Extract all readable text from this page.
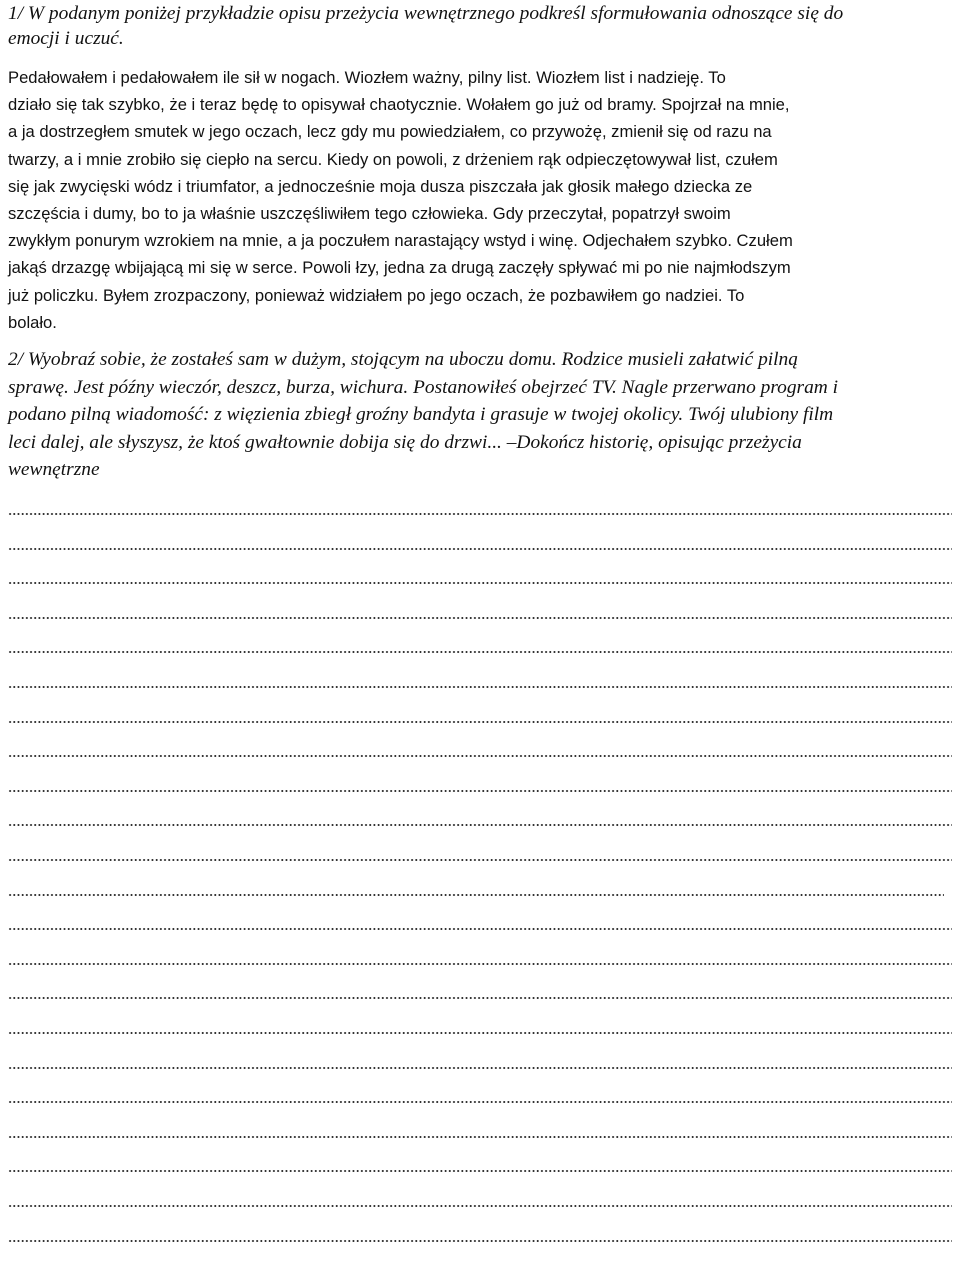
1/ W podanym poniżej przykładzie opisu przeżycia wewnętrznego podkreśl sformułowania odnoszące się do
emocji i uczuć.
Pedałowałem i pedałowałem ile sił w nogach. Wiozłem ważny, pilny list. Wiozłem list i nadzieję. To
działo się tak szybko, że i teraz będę to opisywał chaotycznie. Wołałem go już od bramy. Spojrzał na mnie,
a ja dostrzegłem smutek w jego oczach, lecz gdy mu powiedziałem, co przywożę, zmienił się od razu na
twarzy, a i mnie zrobiło się ciepło na sercu. Kiedy on powoli, z drżeniem rąk odpieczętowywał list, czułem
się jak zwycięski wódz i triumfator, a jednocześnie moja dusza piszczała jak głosik małego dziecka ze
szczęścia i dumy, bo to ja właśnie uszczęśliwiłem tego człowieka. Gdy przeczytał, popatrzył swoim
zwykłym ponurym wzrokiem na mnie, a ja poczułem narastający wstyd i winę. Odjechałem szybko. Czułem
jakąś drzazgę wbijającą mi się w serce. Powoli łzy, jedna za drugą zaczęły spływać mi po nie najmłodszym
już policzku. Byłem zrozpaczony, ponieważ widziałem po jego oczach, że pozbawiłem go nadziei. To
bolało.
2/ Wyobraź sobie, że zostałeś sam w dużym, stojącym na uboczu domu. Rodzice musieli załatwić pilną
sprawę. Jest późny wieczór, deszcz, burza, wichura. Postanowiłeś obejrzeć TV. Nagle przerwano program i
podano pilną wiadomość: z więzienia zbiegł groźny bandyta i grasuje w twojej okolicy. Twój ulubiony film
leci dalej, ale słyszysz, że ktoś gwałtownie dobija się do drzwi... –Dokończ historię, opisując przeżycia
wewnętrzne
